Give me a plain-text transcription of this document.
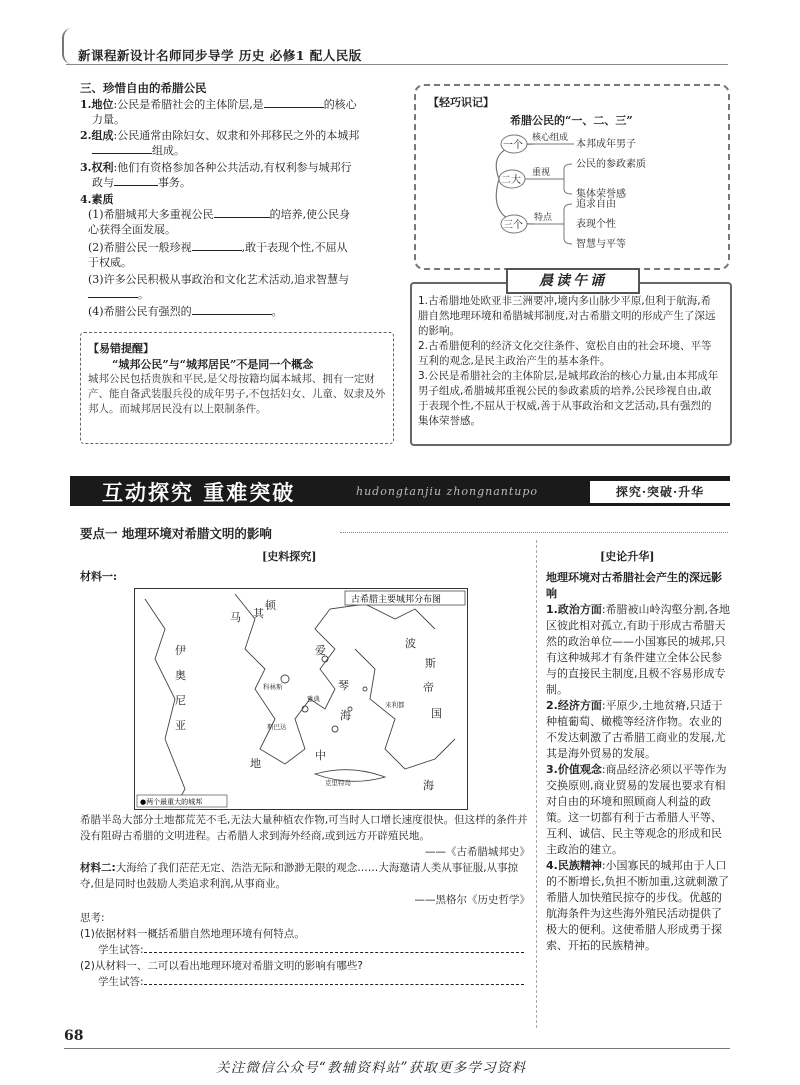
新课程新设计名师同步导学 历史 必修1 配人民版
三、珍惜自由的希腊公民
1.地位:公民是希腊社会的主体阶层,是	的核心
力量。
2.组成:公民通常由除妇女、奴隶和外邦移民之外的本城邦
组成。
3.权利:他们有资格参加各种公共活动,有权利参与城邦行
政与	事务。
4.素质
(1)希腊城邦大多重视公民	的培养,使公民身
心获得全面发展。
(2)希腊公民一般珍视	,敢于表现个性,不屈从
于权威。
(3)许多公民积极从事政治和文化艺术活动,追求智慧与
。
(4)希腊公民有强烈的	。
【易错提醒】
“城邦公民”与“城邦居民”不是同一个概念
城邦公民包括贵族和平民,是父母按籍均属本城邦、拥有一定财产、能自备武装服兵役的成年男子,不包括妇女、儿童、奴隶及外邦人。而城邦居民没有以上限制条件。
【轻巧识记】
希腊公民的“一、二、三”
一个
二大
三个
核心组成
重视
特点
本邦成年男子
公民的参政素质
集体荣誉感
追求自由
表现个性
智慧与平等
晨读午诵
1.古希腊地处欧亚非三洲要冲,境内多山脉少平原,但利于航海,希腊自然地理环境和希腊城邦制度,对古希腊文明的形成产生了深远的影响。
2.古希腊便利的经济文化交往条件、宽松自由的社会环境、平等互利的观念,是民主政治产生的基本条件。
3.公民是希腊社会的主体阶层,是城邦政治的核心力量,由本邦成年男子组成,希腊城邦重视公民的参政素质的培养,公民珍视自由,敢于表现个性,不屈从于权威,善于从事政治和文艺活动,具有强烈的集体荣誉感。
互动探究 重难突破	hudongtanjiu zhongnantupo	探究·突破·升华
要点一 地理环境对希腊文明的影响
[史料探究]
材料一:
古希腊主要城邦分布图
●两个最重大的城邦
马 其
顿
伊
奥
尼
亚
爱
琴
海
波
斯
帝
国
地
中
海
斯巴达
雅典
科林斯
米利都
克里特岛
希腊半岛大部分土地都荒芜不毛,无法大量种植农作物,可当时人口增长速度很快。但这样的条件并没有阻碍古希腊的文明进程。古希腊人求到海外经商,或到远方开辟殖民地。
——《古希腊城邦史》
材料二:大海给了我们茫茫无定、浩浩无际和渺渺无限的观念……大海邀请人类从事征服,从事掠夺,但是同时也鼓励人类追求利润,从事商业。
——黑格尔《历史哲学》
思考:
(1)依据材料一概括希腊自然地理环境有何特点。
学生试答:
(2)从材料一、二可以看出地理环境对希腊文明的影响有哪些?
学生试答:
[史论升华]
地理环境对古希腊社会产生的深远影响
1.政治方面:希腊被山岭沟壑分割,各地区彼此相对孤立,有助于形成古希腊天然的政治单位——小国寡民的城邦,只有这种城邦才有条件建立全体公民参与的直接民主制度,且极不容易形成专制。
2.经济方面:平原少,土地贫瘠,只适于种植葡萄、橄榄等经济作物。农业的不发达刺激了古希腊工商业的发展,尤其是海外贸易的发展。
3.价值观念:商品经济必须以平等作为交换原则,商业贸易的发展也要求有相对自由的环境和照顾商人利益的政策。这一切都有利于古希腊人平等、互利、诚信、民主等观念的形成和民主政治的建立。
4.民族精神:小国寡民的城邦由于人口的不断增长,负担不断加重,这就刺激了希腊人加快殖民掠夺的步伐。优越的航海条件为这些海外殖民活动提供了极大的便利。这使希腊人形成勇于探索、开拓的民族精神。
68
关注微信公众号“教辅资料站”获取更多学习资料
